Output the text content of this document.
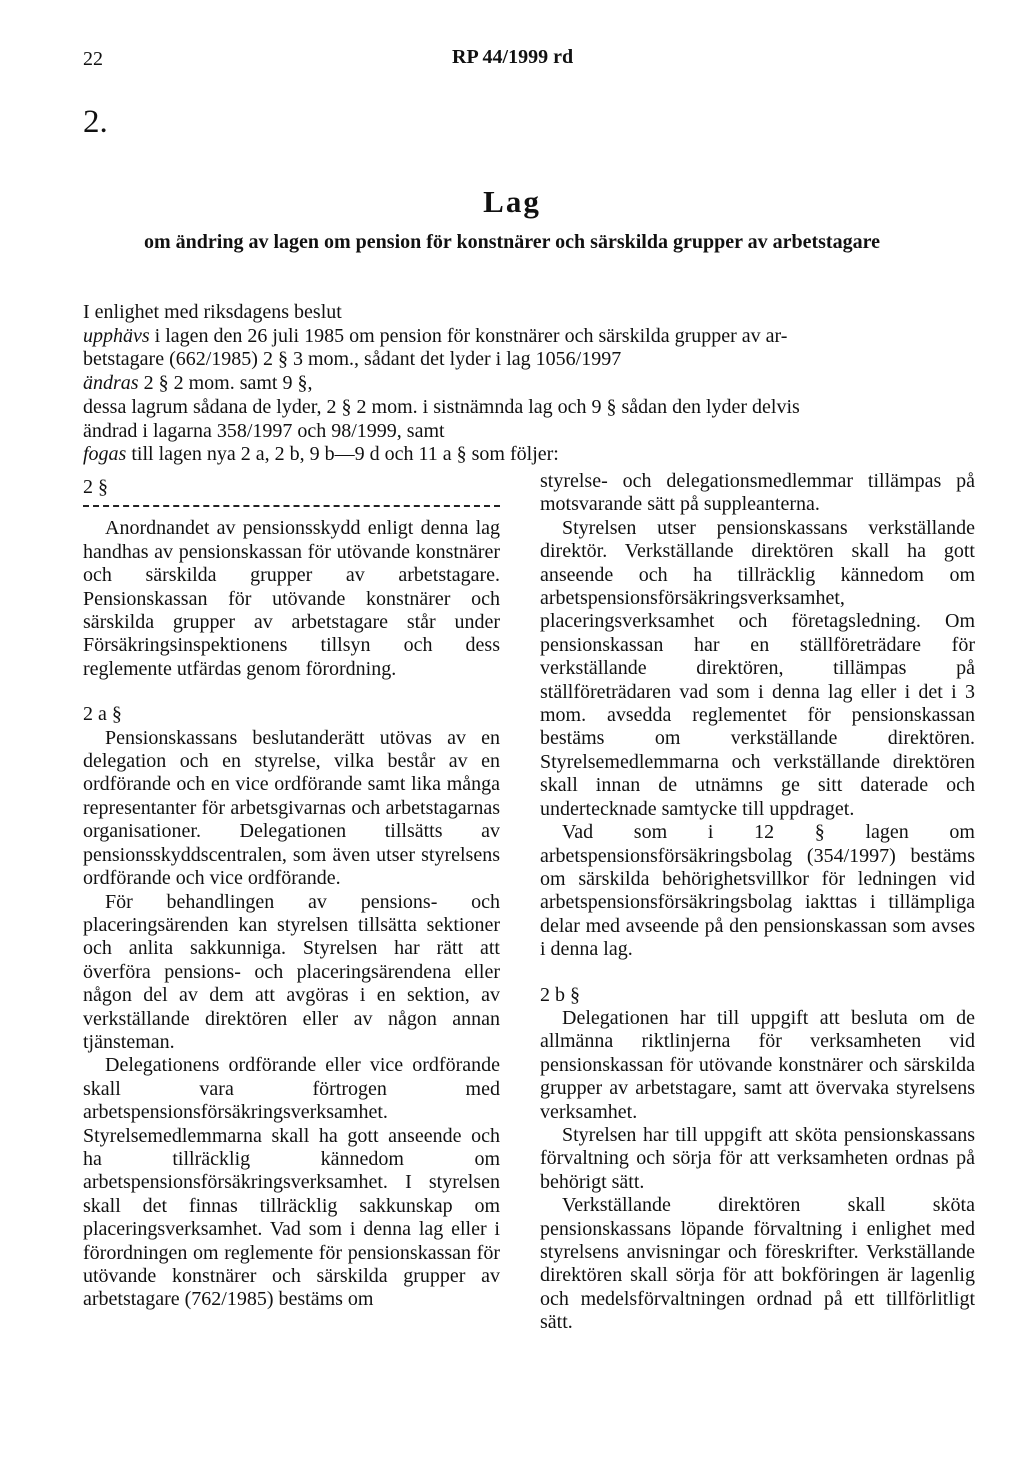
22	RP 44/1999 rd
2.
Lag
om ändring av lagen om pension för konstnärer och särskilda grupper av arbetstagare
I enlighet med riksdagens beslut
upphävs i lagen den 26 juli 1985 om pension för konstnärer och särskilda grupper av ar-
betstagare (662/1985) 2 § 3 mom., sådant det lyder i lag 1056/1997
ändras 2 § 2 mom. samt 9 §,
dessa lagrum sådana de lyder, 2 § 2 mom. i sistnämnda lag och 9 § sådan den lyder delvis
ändrad i lagarna 358/1997 och 98/1999, samt
fogas till lagen nya 2 a, 2 b, 9 b—9 d och 11 a § som följer:

2 §

Anordnandet av pensionsskydd enligt denna lag handhas av pensionskassan för utövande konstnärer och särskilda grupper av arbetstagare. Pensionskassan för utövande konstnärer och särskilda grupper av arbetstagare står under Försäkringsinspektionens tillsyn och dess reglemente utfärdas genom förordning.

2 a §

Pensionskassans beslutanderätt utövas av en delegation och en styrelse, vilka består av en ordförande och en vice ordförande samt lika många representanter för arbetsgivarnas och arbetstagarnas organisationer. Delegationen tillsätts av pensionsskyddscentralen, som även utser styrelsens ordförande och vice ordförande.

För behandlingen av pensions- och placeringsärenden kan styrelsen tillsätta sektioner och anlita sakkunniga. Styrelsen har rätt att överföra pensions- och placeringsärendena eller någon del av dem att avgöras i en sektion, av verkställande direktören eller av någon annan tjänsteman.

Delegationens ordförande eller vice ordförande skall vara förtrogen med arbetspensionsförsäkringsverksamhet. Styrelsemedlemmarna skall ha gott anseende och ha tillräcklig kännedom om arbetspensionsförsäkringsverksamhet. I styrelsen skall det finnas tillräcklig sakkunskap om placeringsverksamhet. Vad som i denna lag eller i förordningen om reglemente för pensionskassan för utövande konstnärer och särskilda grupper av arbetstagare (762/1985) bestäms om

styrelse- och delegationsmedlemmar tillämpas på motsvarande sätt på suppleanterna.

Styrelsen utser pensionskassans verkställande direktör. Verkställande direktören skall ha gott anseende och ha tillräcklig kännedom om arbetspensionsförsäkringsverksamhet, placeringsverksamhet och företagsledning. Om pensionskassan har en ställföreträdare för verkställande direktören, tillämpas på ställföreträdaren vad som i denna lag eller i det i 3 mom. avsedda reglementet för pensionskassan bestäms om verkställande direktören. Styrelsemedlemmarna och verkställande direktören skall innan de utnämns ge sitt daterade och undertecknade samtycke till uppdraget.

Vad som i 12 § lagen om arbetspensionsförsäkringsbolag (354/1997) bestäms om särskilda behörighetsvillkor för ledningen vid arbetspensionsförsäkringsbolag iakttas i tillämpliga delar med avseende på den pensionskassan som avses i denna lag.

2 b §

Delegationen har till uppgift att besluta om de allmänna riktlinjerna för verksamheten vid pensionskassan för utövande konstnärer och särskilda grupper av arbetstagare, samt att övervaka styrelsens verksamhet.

Styrelsen har till uppgift att sköta pensionskassans förvaltning och sörja för att verksamheten ordnas på behörigt sätt.

Verkställande direktören skall sköta pensionskassans löpande förvaltning i enlighet med styrelsens anvisningar och föreskrifter. Verkställande direktören skall sörja för att bokföringen är lagenlig och medelsförvaltningen ordnad på ett tillförlitligt sätt.
